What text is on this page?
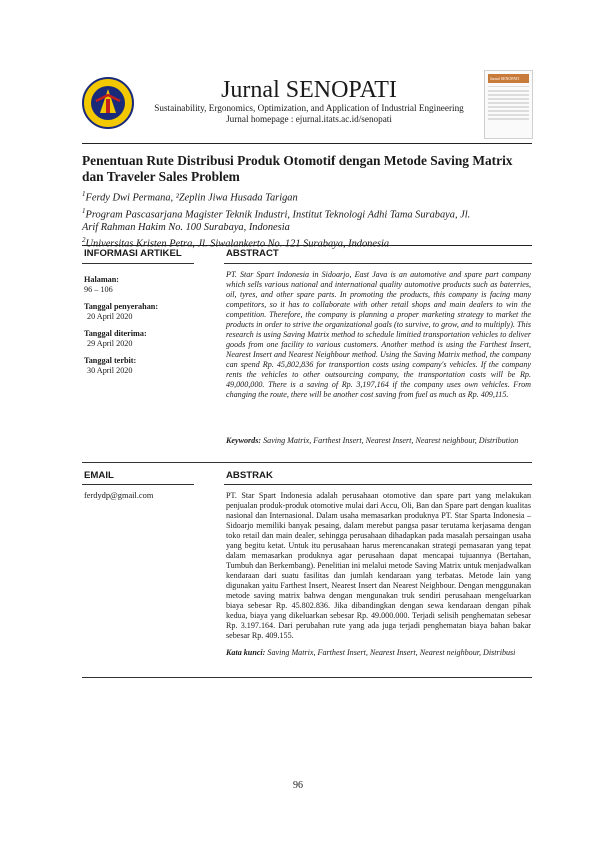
Jurnal SENOPATI
Sustainability, Ergonomics, Optimization, and Application of Industrial Engineering
Jurnal homepage : ejurnal.itats.ac.id/senopati
Jurnal SENOPATI
Penentuan Rute Distribusi Produk Otomotif dengan Metode Saving Matrix
dan Traveler Sales Problem
$^1$Ferdy Dwi Permana, ²Zeplin Jiwa Husada Tarigan
$^1$Program Pascasarjana Magister Teknik Industri, Institut Teknologi Adhi Tama Surabaya, Jl.
Arif Rahman Hakim No. 100 Surabaya, Indonesia
$^2$Universitas Kristen Petra, Jl. Siwalankerto No. 121 Surabaya, Indonesia
INFORMASI ARTIKEL	ABSTRACT
Halaman:
96 – 106
Tanggal penyerahan:
20 April 2020
Tanggal diterima:
29 April 2020
Tanggal terbit:
30 April 2020
PT. Star Spart Indonesia in Sidoarjo, East Java is an automotive and spare part company which sells various national and international quality automotive products such as baterries, oil, tyres, and other spare parts. In promoting the products, this company is facing many competitors, so it has to collaborate with other retail shops and main dealers to win the competition. Therefore, the company is planning a proper marketing strategy to market the products in order to strive the organizational goals (to survive, to grow, and to multiply). This research is using Saving Matrix method to schedule limitied transportation vehicles to deliver goods from one facility to various customers. Another method is using the Farthest Insert, Nearest Insert and Nearest Neighbour method. Using the Saving Matrix method, the company can spend Rp. 45,802,836 for transportion costs using company's vehicles. If the company rents the vehicles to other outsourcing company, the transportation costs will be Rp. 49,000,000. There is a saving of Rp. 3,197,164 if the company uses own vehicles. From changing the route, there will be another cost saving from fuel as much as Rp. 409,115.
Keywords: Saving Matrix, Farthest Insert, Nearest Insert, Nearest neighbour, Distribution
EMAIL	ABSTRAK
ferdydp@gmail.com	PT. Star Spart Indonesia adalah perusahaan otomotive dan spare part yang melakukan penjualan produk-produk otomotive mulai dari Accu, Oli, Ban dan Spare part dengan kualitas nasional dan Internasional. Dalam usaha memasarkan produknya PT. Star Sparta Indonesia – Sidoarjo memiliki banyak pesaing, dalam merebut pangsa pasar terutama kerjasama dengan toko retail dan main dealer, sehingga perusahaan dihadapkan pada masalah persaingan usaha yang begitu ketat. Untuk itu perusahaan harus merencanakan strategi pemasaran yang tepat dalam memasarkan produknya agar perusahaan dapat mencapai tujuannya (Bertahan, Tumbuh dan Berkembang). Penelitian ini melalui metode Saving Matrix untuk menjadwalkan kendaraan dari suatu fasilitas dan jumlah kendaraan yang terbatas. Metode lain yang digunakan yaitu Farthest Insert, Nearest Insert dan Nearest Neighbour. Dengan menggunakan metode saving matrix bahwa dengan mengunakan truk sendiri perusahaan mengeluarkan biaya sebesar Rp. 45.802.836. Jika dibandingkan dengan sewa kendaraan dengan pihak kedua, biaya yang dikeluarkan sebesar Rp. 49.000.000. Terjadi selisih penghematan sebesar Rp. 3.197.164. Dari perubahan rute yang ada juga terjadi penghematan biaya bahan bakar sebesar Rp. 409.155.
Kata kunci: Saving Matrix, Farthest Insert, Nearest Insert, Nearest neighbour, Distribusi
96
